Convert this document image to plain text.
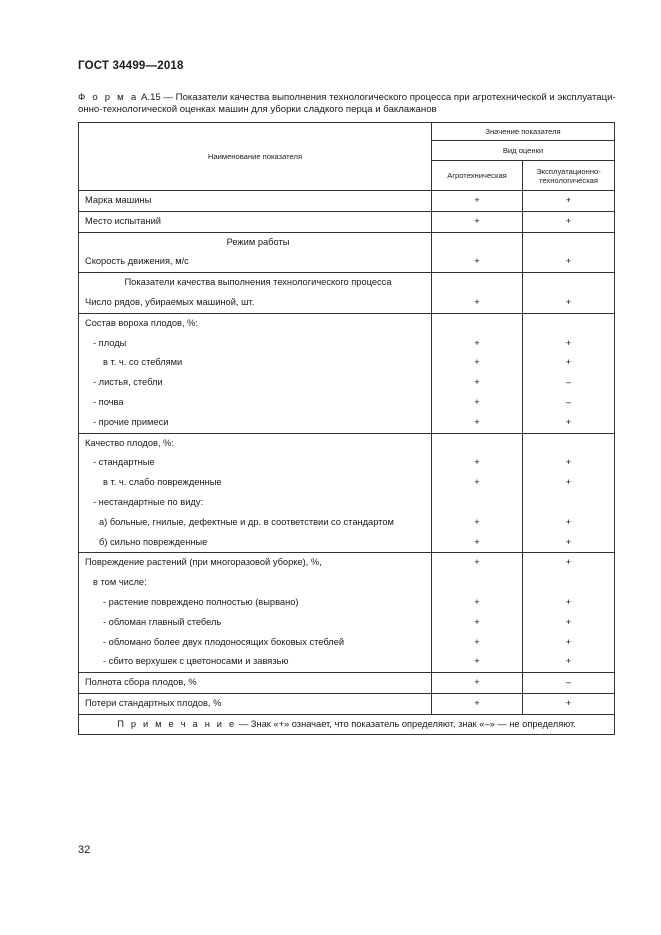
ГОСТ 34499—2018
Ф о р м а А.15 — Показатели качества выполнения технологического процесса при агротехнической и эксплуатаци-онно-технологической оценках машин для уборки сладкого перца и баклажанов
Наименование показателя	Значение показателя	
	Вид оценки	
	Агротехническая	Эксплуатационно-технологическая
Марка машины	+	+
Место испытаний	+	+
Режим работы		
Скорость движения, м/с	+	+
Показатели качества выполнения технологического процесса		
Число рядов, убираемых машиной, шт.	+	+
Состав вороха плодов, %:		
- плоды	+	+
в т. ч. со стеблями	+	+
- листья, стебли	+	–
- почва	+	–
- прочие примеси	+	+
Качество плодов, %:		
- стандартные	+	+
в т. ч. слабо поврежденные	+	+
- нестандартные по виду:		
а) больные, гнилые, дефектные и др. в соответствии со стандартом	+	+
б) сильно поврежденные	+	+
Повреждение растений (при многоразовой уборке), %,	+	+
в том числе:		
- растение повреждено полностью (вырвано)	+	+
- обломан главный стебель	+	+
- обломано более двух плодоносящих боковых стеблей	+	+
- сбито верхушек с цветоносами и завязью	+	+
Полнота сбора плодов, %	+	–
Потери стандартных плодов, %	+	+
П р и м е ч а н и е — Знак «+» означает, что показатель определяют, знак «–» — не определяют.		
32
